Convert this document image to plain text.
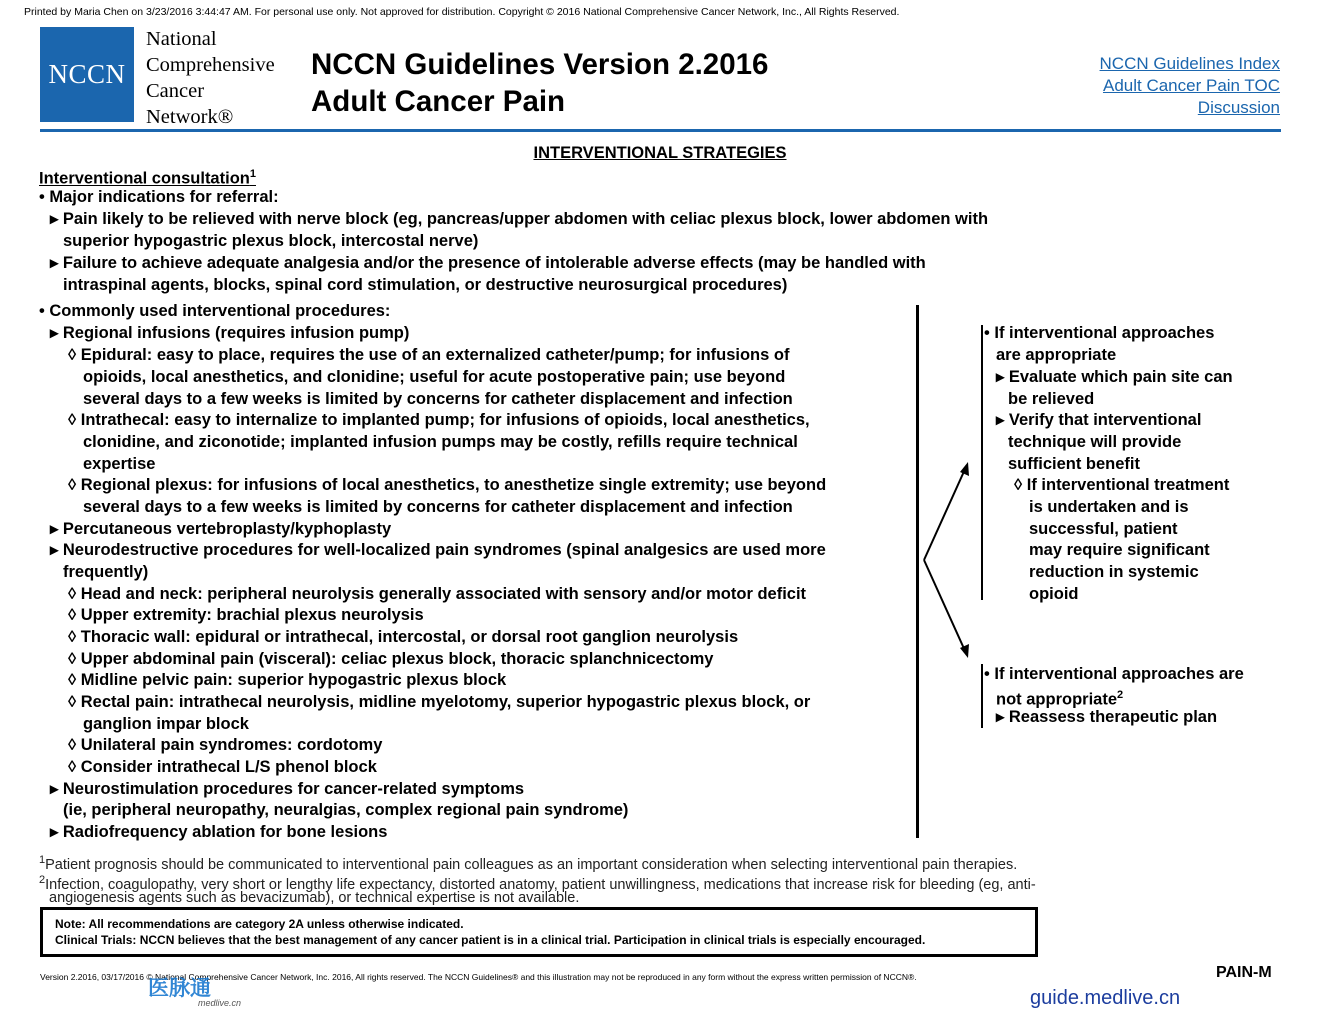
Printed by Maria Chen on 3/23/2016 3:44:47 AM. For personal use only. Not approved for distribution. Copyright © 2016 National Comprehensive Cancer Network, Inc., All Rights Reserved.
NCCN
National
Comprehensive
Cancer
Network®
NCCN Guidelines Version 2.2016
Adult Cancer Pain
NCCN Guidelines Index
Adult Cancer Pain TOC
Discussion
INTERVENTIONAL STRATEGIES
Interventional consultation$^1$
• Major indications for referral:
▸ Pain likely to be relieved with nerve block (eg, pancreas/upper abdomen with celiac plexus block, lower abdomen with
superior hypogastric plexus block, intercostal nerve)
▸ Failure to achieve adequate analgesia and/or the presence of intolerable adverse effects (may be handled with
intraspinal agents, blocks, spinal cord stimulation, or destructive neurosurgical procedures)
• Commonly used interventional procedures:
▸ Regional infusions (requires infusion pump)
◊ Epidural: easy to place, requires the use of an externalized catheter/pump; for infusions of
opioids, local anesthetics, and clonidine; useful for acute postoperative pain; use beyond
several days to a few weeks is limited by concerns for catheter displacement and infection
◊ Intrathecal: easy to internalize to implanted pump; for infusions of opioids, local anesthetics,
clonidine, and ziconotide; implanted infusion pumps may be costly, refills require technical
expertise
◊ Regional plexus: for infusions of local anesthetics, to anesthetize single extremity; use beyond
several days to a few weeks is limited by concerns for catheter displacement and infection
▸ Percutaneous vertebroplasty/kyphoplasty
▸ Neurodestructive procedures for well-localized pain syndromes (spinal analgesics are used more
frequently)
◊ Head and neck: peripheral neurolysis generally associated with sensory and/or motor deficit
◊ Upper extremity: brachial plexus neurolysis
◊ Thoracic wall: epidural or intrathecal, intercostal, or dorsal root ganglion neurolysis
◊ Upper abdominal pain (visceral): celiac plexus block, thoracic splanchnicectomy
◊ Midline pelvic pain: superior hypogastric plexus block
◊ Rectal pain: intrathecal neurolysis, midline myelotomy, superior hypogastric plexus block, or
ganglion impar block
◊ Unilateral pain syndromes: cordotomy
◊ Consider intrathecal L/S phenol block
▸ Neurostimulation procedures for cancer-related symptoms
(ie, peripheral neuropathy, neuralgias, complex regional pain syndrome)
▸ Radiofrequency ablation for bone lesions
• If interventional approaches
are appropriate
▸ Evaluate which pain site can
be relieved
▸ Verify that interventional
technique will provide
sufficient benefit
◊ If interventional treatment
is undertaken and is
successful, patient
may require significant
reduction in systemic
opioid
• If interventional approaches are
not appropriate$^2$
▸ Reassess therapeutic plan
$^1$Patient prognosis should be communicated to interventional pain colleagues as an important consideration when selecting interventional pain therapies.
$^2$Infection, coagulopathy, very short or lengthy life expectancy, distorted anatomy, patient unwillingness, medications that increase risk for bleeding (eg, anti-
angiogenesis agents such as bevacizumab), or technical expertise is not available.
Note: All recommendations are category 2A unless otherwise indicated.
Clinical Trials: NCCN believes that the best management of any cancer patient is in a clinical trial. Participation in clinical trials is especially encouraged.
Version 2.2016, 03/17/2016 © National Comprehensive Cancer Network, Inc. 2016, All rights reserved. The NCCN Guidelines® and this illustration may not be reproduced in any form without the express written permission of NCCN®.	PAIN-M
医脉通
medlive.cn	guide.medlive.cn
